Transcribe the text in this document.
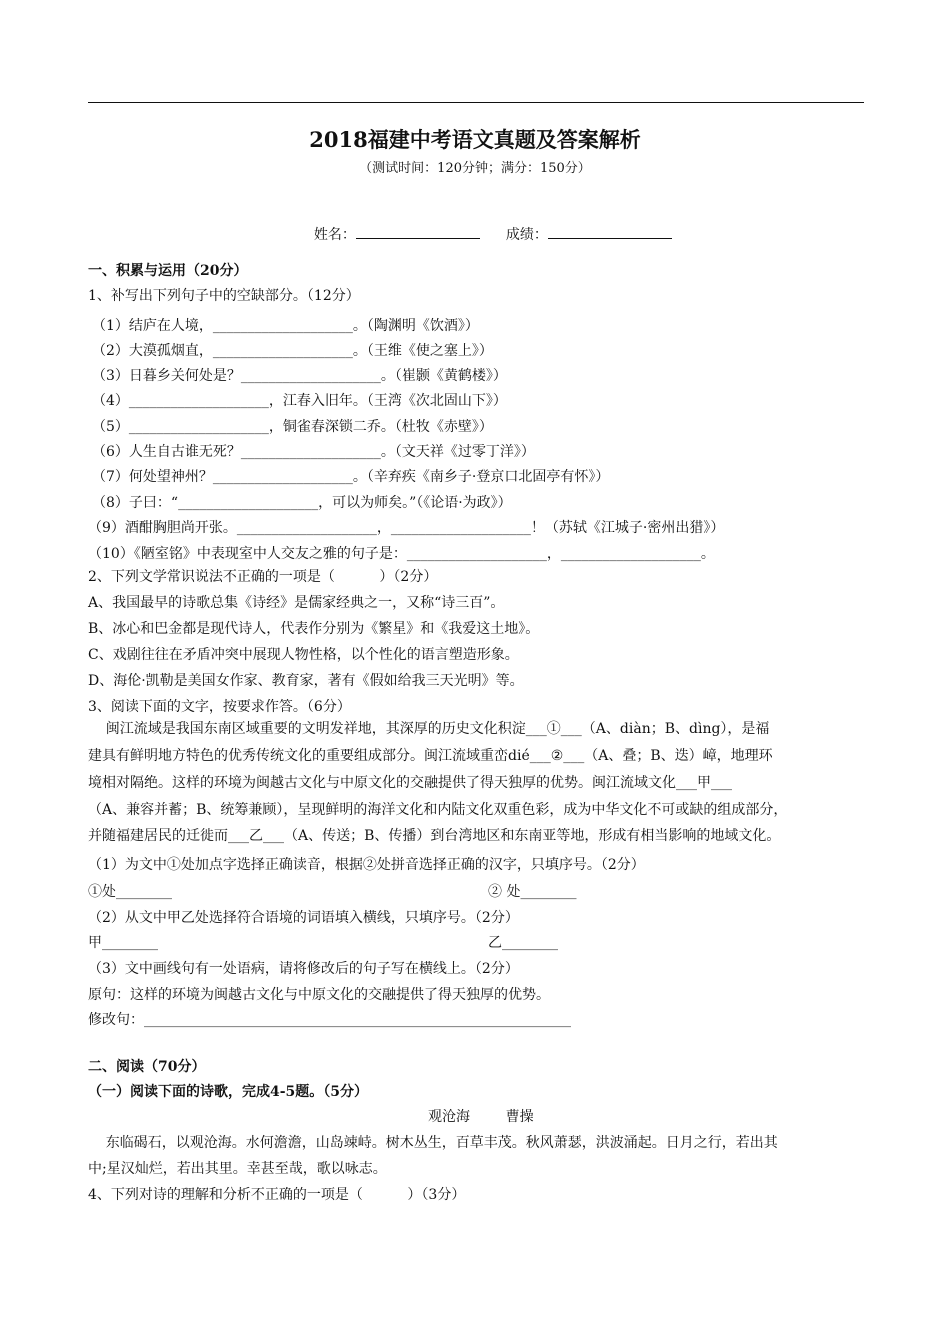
2018福建中考语文真题及答案解析
（测试时间：120分钟；满分：150分）

姓名：	成绩：

一、积累与运用（20分）
1、补写出下列句子中的空缺部分。（12分）
（1）结庐在人境，____________________。（陶渊明《饮酒》）
（2）大漠孤烟直，____________________。（王维《使之塞上》）
（3）日暮乡关何处是？____________________。（崔颢《黄鹤楼》）
（4）____________________，江春入旧年。（王湾《次北固山下》）
（5）____________________，铜雀春深锁二乔。（杜牧《赤壁》）
（6）人生自古谁无死？____________________。（文天祥《过零丁洋》）
（7）何处望神州？____________________。（辛弃疾《南乡子·登京口北固亭有怀》）
（8）子曰：“____________________，可以为师矣。”（《论语·为政》）
（9）酒酣胸胆尚开张。____________________，____________________！（苏轼《江城子·密州出猎》）
（10）《陋室铭》中表现室中人交友之雅的句子是：____________________，____________________。
2、下列文学常识说法不正确的一项是（          ）（2分）
A、我国最早的诗歌总集《诗经》是儒家经典之一，又称“诗三百”。
B、冰心和巴金都是现代诗人，代表作分别为《繁星》和《我爱这土地》。
C、戏剧往往在矛盾冲突中展现人物性格，以个性化的语言塑造形象。
D、海伦·凯勒是美国女作家、教育家，著有《假如给我三天光明》等。
3、阅读下面的文字，按要求作答。（6分）
闽江流域是我国东南区域重要的文明发祥地，其深厚的历史文化积淀___①___（A、diàn；B、dìng），是福
建具有鲜明地方特色的优秀传统文化的重要组成部分。闽江流域重峦dié___②___（A、叠；B、迭）嶂，地理环
境相对隔绝。这样的环境为闽越古文化与中原文化的交融提供了得天独厚的优势。闽江流域文化___甲___
（A、兼容并蓄；B、统筹兼顾），呈现鲜明的海洋文化和内陆文化双重色彩，成为中华文化不可或缺的组成部分，
并随福建居民的迁徙而___乙___（A、传送；B、传播）到台湾地区和东南亚等地，形成有相当影响的地域文化。
（1）为文中①处加点字选择正确读音，根据②处拼音选择正确的汉字，只填序号。（2分）
①处________	② 处________
（2）从文中甲乙处选择符合语境的词语填入横线，只填序号。（2分）
甲________	乙________
（3）文中画线句有一处语病，请将修改后的句子写在横线上。（2分）
原句：这样的环境为闽越古文化与中原文化的交融提供了得天独厚的优势。
修改句：_____________________________________________________________
二、阅读（70分）
（一）阅读下面的诗歌，完成4-5题。（5分）
观沧海        曹操
东临碣石，以观沧海。水何澹澹，山岛竦峙。树木丛生，百草丰茂。秋风萧瑟，洪波涌起。日月之行，若出其
中;星汉灿烂，若出其里。幸甚至哉，歌以咏志。
4、下列对诗的理解和分析不正确的一项是（          ）（3分）
